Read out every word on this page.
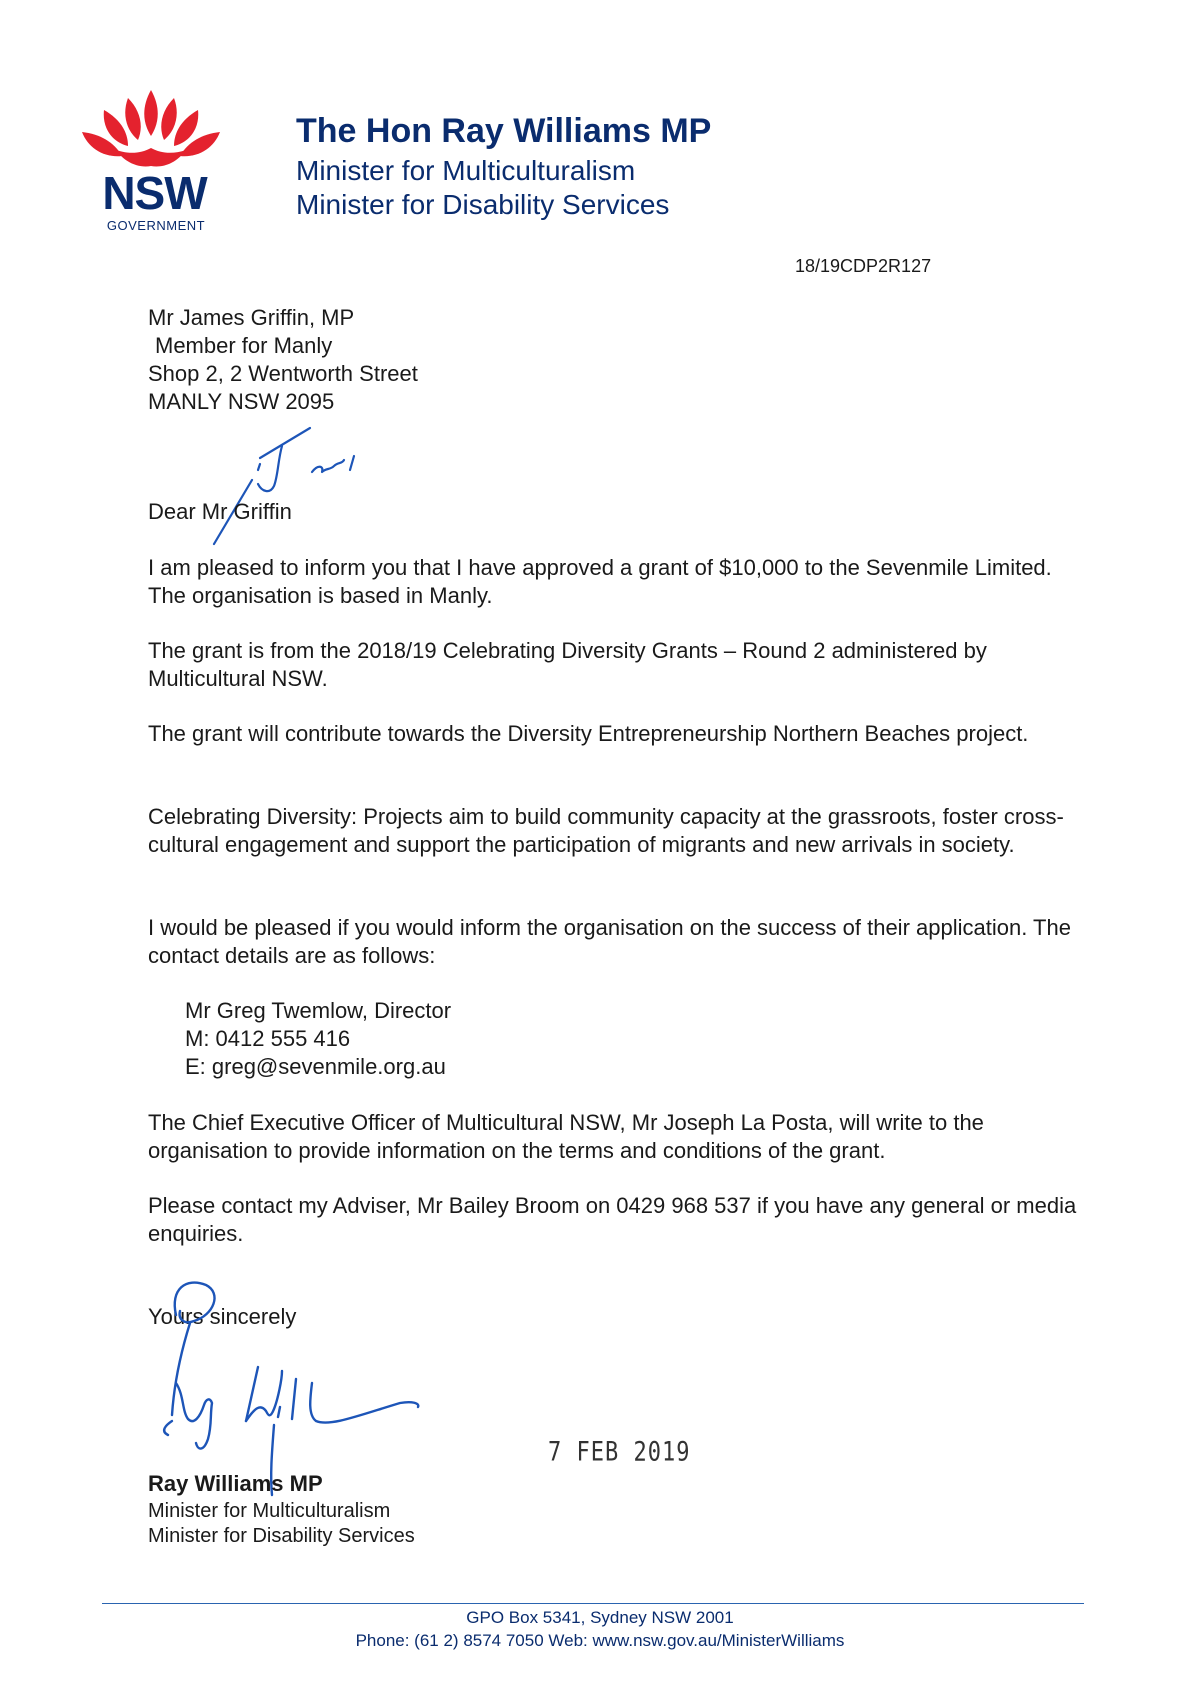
NSW
GOVERNMENT
The Hon Ray Williams MP
Minister for Multiculturalism
Minister for Disability Services
18/19CDP2R127
Mr James Griffin, MP
Member for Manly
Shop 2, 2 Wentworth Street
MANLY NSW 2095
Dear Mr Griffin
I am pleased to inform you that I have approved a grant of $10,000 to the Sevenmile Limited. The organisation is based in Manly.
The grant is from the 2018/19 Celebrating Diversity Grants – Round 2 administered by Multicultural NSW.
The grant will contribute towards the Diversity Entrepreneurship Northern Beaches project.
Celebrating Diversity: Projects aim to build community capacity at the grassroots, foster cross-cultural engagement and support the participation of migrants and new arrivals in society.
I would be pleased if you would inform the organisation on the success of their application. The contact details are as follows:
Mr Greg Twemlow, Director
M: 0412 555 416
E: greg@sevenmile.org.au
The Chief Executive Officer of Multicultural NSW, Mr Joseph La Posta, will write to the organisation to provide information on the terms and conditions of the grant.
Please contact my Adviser, Mr Bailey Broom on 0429 968 537 if you have any general or media enquiries.
Yours sincerely
7 FEB 2019
Ray Williams MP
Minister for Multiculturalism
Minister for Disability Services
GPO Box 5341, Sydney NSW 2001
Phone: (61 2) 8574 7050 Web: www.nsw.gov.au/MinisterWilliams
